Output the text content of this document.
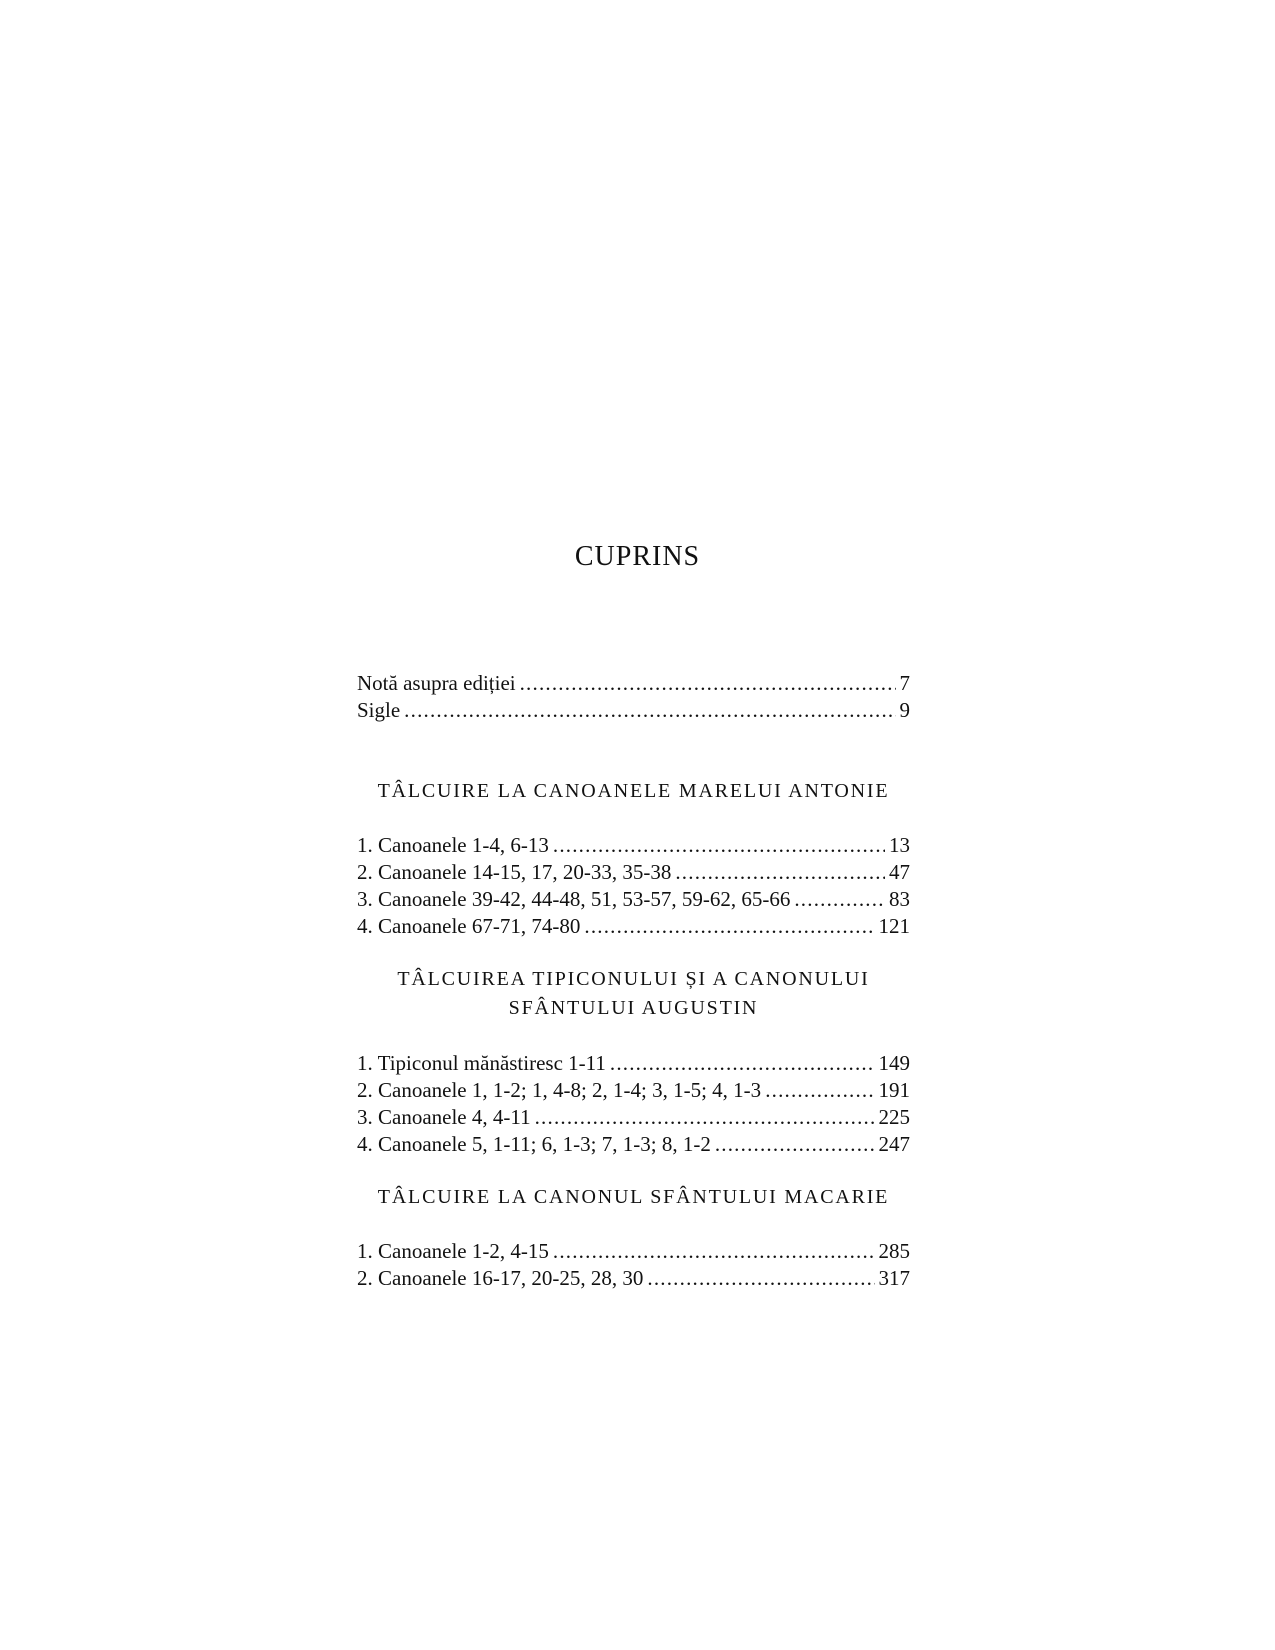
CUPRINS
Notă asupra ediției .....	7
Sigle .....	9
TÂLCUIRE LA CANOANELE MARELUI ANTONIE
1. Canoanele 1-4, 6-13 .....	13
2. Canoanele 14-15, 17, 20-33, 35-38 .....	47
3. Canoanele 39-42, 44-48, 51, 53-57, 59-62, 65-66 .....	83
4. Canoanele 67-71, 74-80 .....	121
TÂLCUIREA TIPICONULUI ȘI A CANONULUI
SFÂNTULUI AUGUSTIN
1. Tipiconul mănăstiresc 1-11 .....	149
2. Canoanele 1, 1-2; 1, 4-8; 2, 1-4; 3, 1-5; 4, 1-3 .....	191
3. Canoanele 4, 4-11 .....	225
4. Canoanele 5, 1-11; 6, 1-3; 7, 1-3; 8, 1-2 .....	247
TÂLCUIRE LA CANONUL SFÂNTULUI MACARIE
1. Canoanele 1-2, 4-15 .....	285
2. Canoanele 16-17, 20-25, 28, 30 .....	317
